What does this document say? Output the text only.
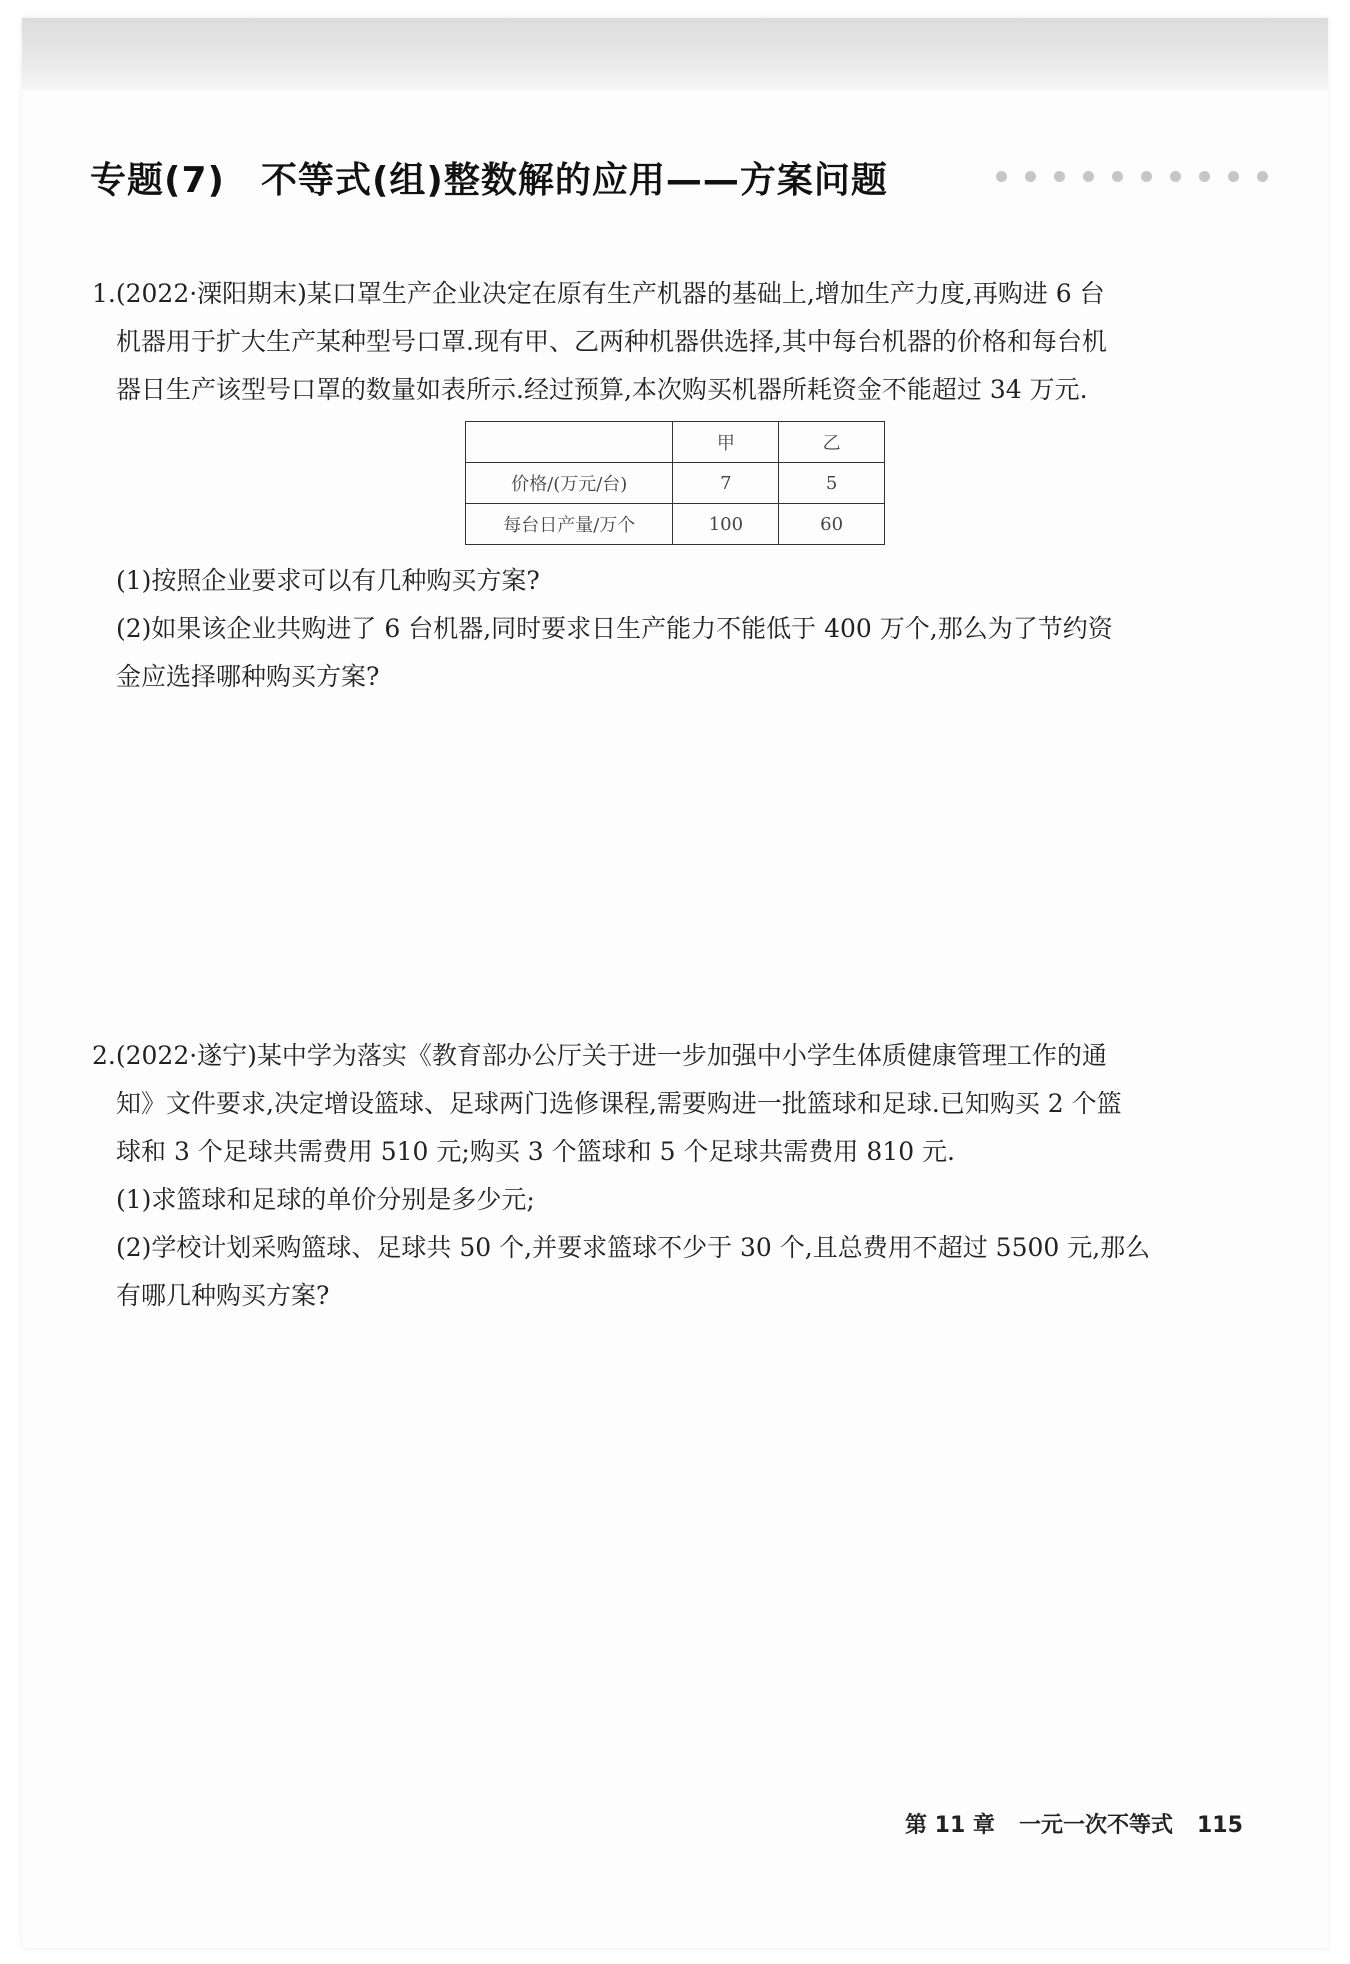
专题(7) 不等式(组)整数解的应用——方案问题
1.(2022·溧阳期末)某口罩生产企业决定在原有生产机器的基础上,增加生产力度,再购进 6 台
机器用于扩大生产某种型号口罩.现有甲、乙两种机器供选择,其中每台机器的价格和每台机
器日生产该型号口罩的数量如表所示.经过预算,本次购买机器所耗资金不能超过 34 万元.
	甲	乙
价格/(万元/台)	7	5
每台日产量/万个	100	60
(1)按照企业要求可以有几种购买方案?
(2)如果该企业共购进了 6 台机器,同时要求日生产能力不能低于 400 万个,那么为了节约资
金应选择哪种购买方案?
2.(2022·遂宁)某中学为落实《教育部办公厅关于进一步加强中小学生体质健康管理工作的通
知》文件要求,决定增设篮球、足球两门选修课程,需要购进一批篮球和足球.已知购买 2 个篮
球和 3 个足球共需费用 510 元;购买 3 个篮球和 5 个足球共需费用 810 元.
(1)求篮球和足球的单价分别是多少元;
(2)学校计划采购篮球、足球共 50 个,并要求篮球不少于 30 个,且总费用不超过 5500 元,那么
有哪几种购买方案?
第 11 章 一元一次不等式 115
